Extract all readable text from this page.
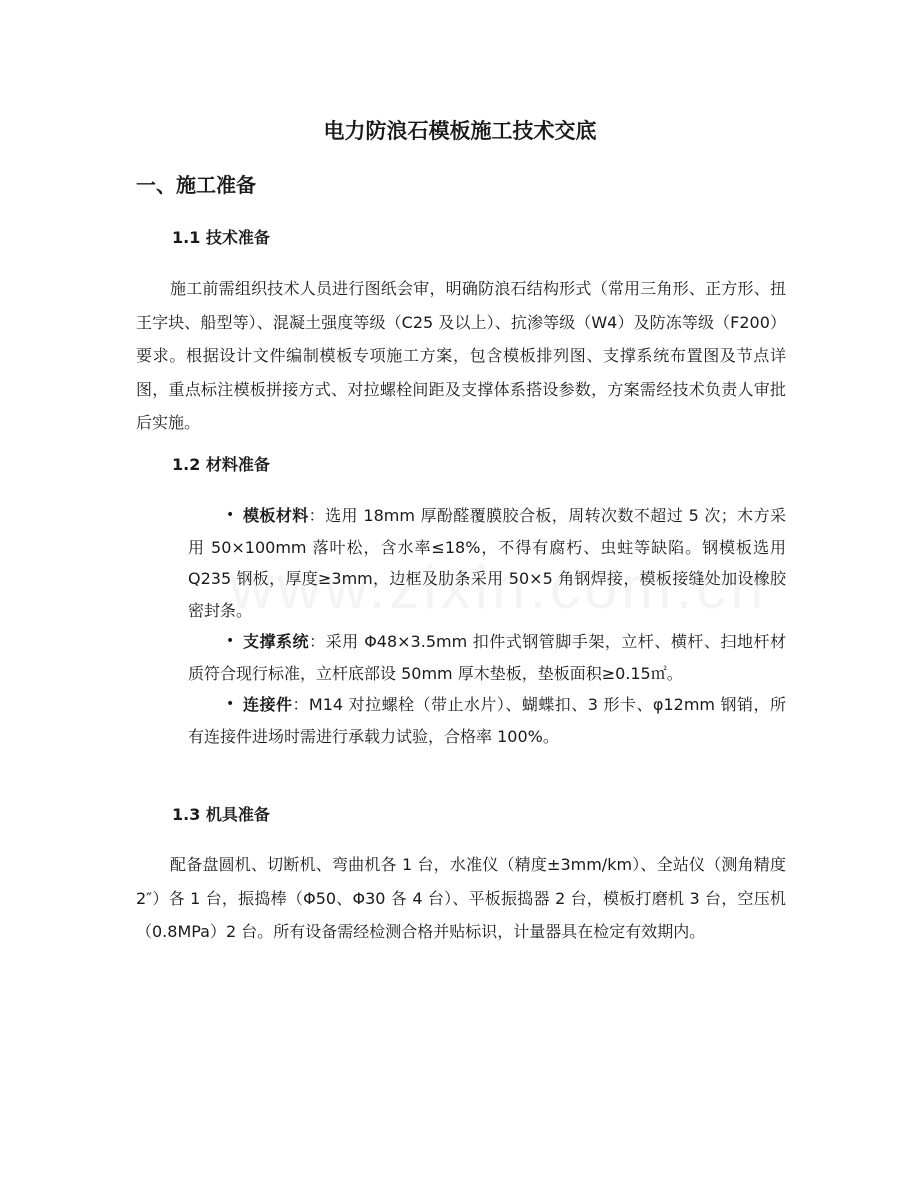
电力防浪石模板施工技术交底
一、施工准备
1.1 技术准备

施工前需组织技术人员进行图纸会审，明确防浪石结构形式（常用三角形、正方形、扭王字块、船型等）、混凝土强度等级（C25 及以上）、抗渗等级（W4）及防冻等级（F200）要求。根据设计文件编制模板专项施工方案，包含模板排列图、支撑系统布置图及节点详图，重点标注模板拼接方式、对拉螺栓间距及支撑体系搭设参数，方案需经技术负责人审批后实施。

1.2 材料准备
• 模板材料：选用 18mm 厚酚醛覆膜胶合板，周转次数不超过 5 次；木方采用 50×100mm 落叶松，含水率≤18%，不得有腐朽、虫蛀等缺陷。钢模板选用 Q235 钢板，厚度≥3mm，边框及肋条采用 50×5 角钢焊接，模板接缝处加设橡胶密封条。
• 支撑系统：采用 Φ48×3.5mm 扣件式钢管脚手架，立杆、横杆、扫地杆材质符合现行标准，立杆底部设 50mm 厚木垫板，垫板面积≥0.15㎡。
• 连接件：M14 对拉螺栓（带止水片）、蝴蝶扣、3 形卡、φ12mm 钢销，所有连接件进场时需进行承载力试验，合格率 100%。
1.3 机具准备

配备盘圆机、切断机、弯曲机各 1 台，水准仪（精度±3mm/km）、全站仪（测角精度 2″）各 1 台，振捣棒（Φ50、Φ30 各 4 台）、平板振捣器 2 台，模板打磨机 3 台，空压机（0.8MPa）2 台。所有设备需经检测合格并贴标识，计量器具在检定有效期内。
